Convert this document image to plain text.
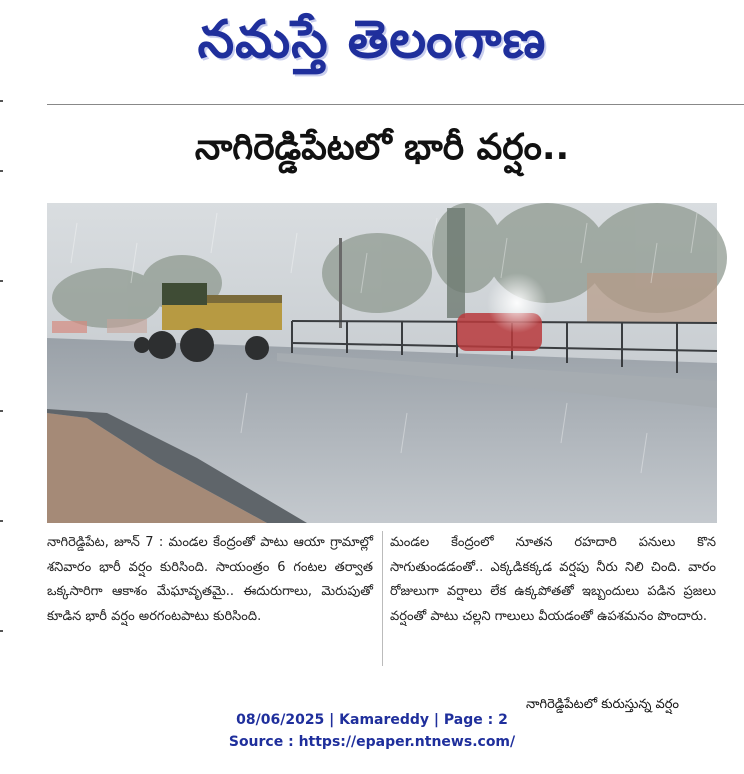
నమస్తే తెలంగాణ
నాగిరెడ్డిపేటలో భారీ వర్షం..
నాగిరెడ్డిపేటలో కురుస్తున్న వర్షం

నాగిరెడ్డిపేట, జూన్ 7 : మండల కేంద్రంతో పాటు ఆయా గ్రామాల్లో శనివారం భారీ వర్షం కురిసింది. సాయంత్రం 6 గంటల తర్వాత ఒక్కసారిగా ఆకాశం మేఘావృతమై.. ఈదురుగాలు, మెరుపుతో కూడిన భారీ వర్షం అరగంటపాటు కురిసింది.

మండల కేంద్రంలో నూతన రహదారి పనులు కొన సాగుతుండడంతో.. ఎక్కడికక్కడ వర్షపు నీరు నిలి చింది. వారం రోజులుగా వర్షాలు లేక ఉక్కపోతతో ఇబ్బందులు పడిన ప్రజలు వర్షంతో పాటు చల్లని గాలులు వీయడంతో ఉపశమనం పొందారు.

08/06/2025 | Kamareddy | Page : 2
Source : https://epaper.ntnews.com/
